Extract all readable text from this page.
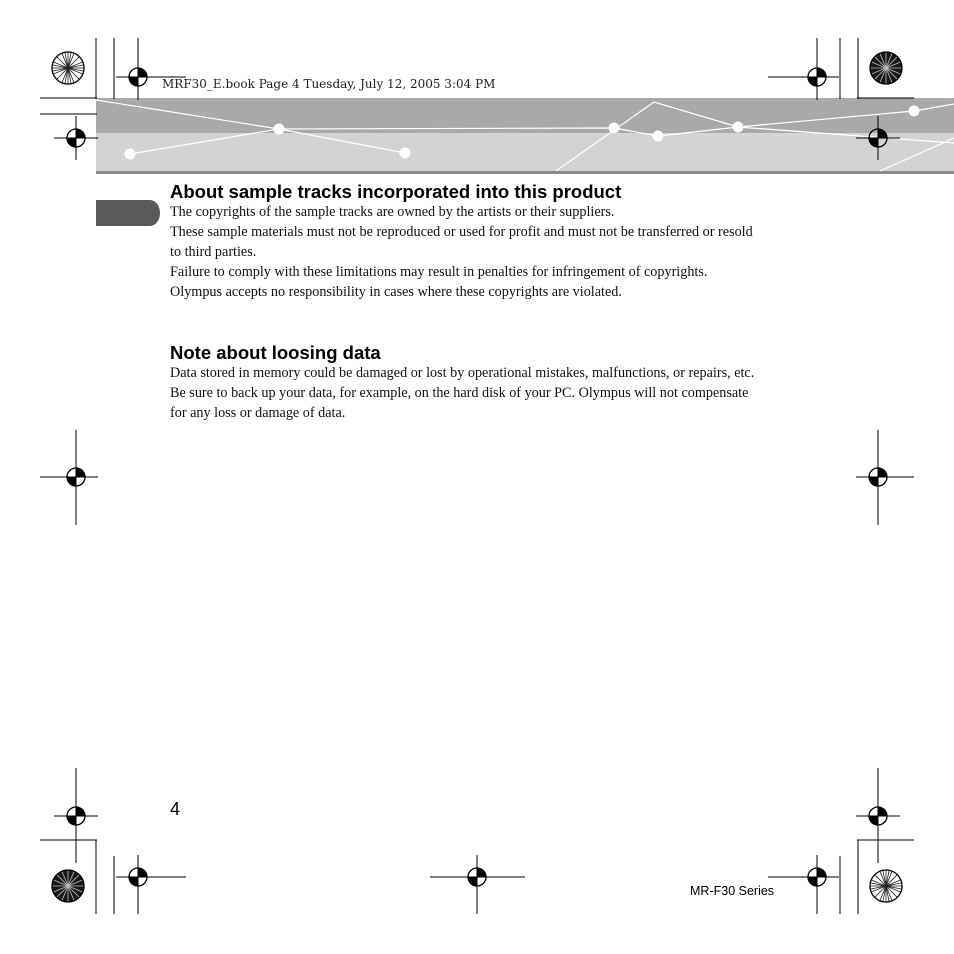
MRF30_E.book Page 4 Tuesday, July 12, 2005 3:04 PM
About sample tracks incorporated into this product

The copyrights of the sample tracks are owned by the artists or their suppliers.

These sample materials must not be reproduced or used for profit and must not be transferred or resold to third parties.

Failure to comply with these limitations may result in penalties for infringement of copyrights.

Olympus accepts no responsibility in cases where these copyrights are violated.

Note about loosing data

Data stored in memory could be damaged or lost by operational mistakes, malfunctions, or repairs, etc. Be sure to back up your data, for example, on the hard disk of your PC. Olympus will not compensate for any loss or damage of data.

4
MR-F30 Series
